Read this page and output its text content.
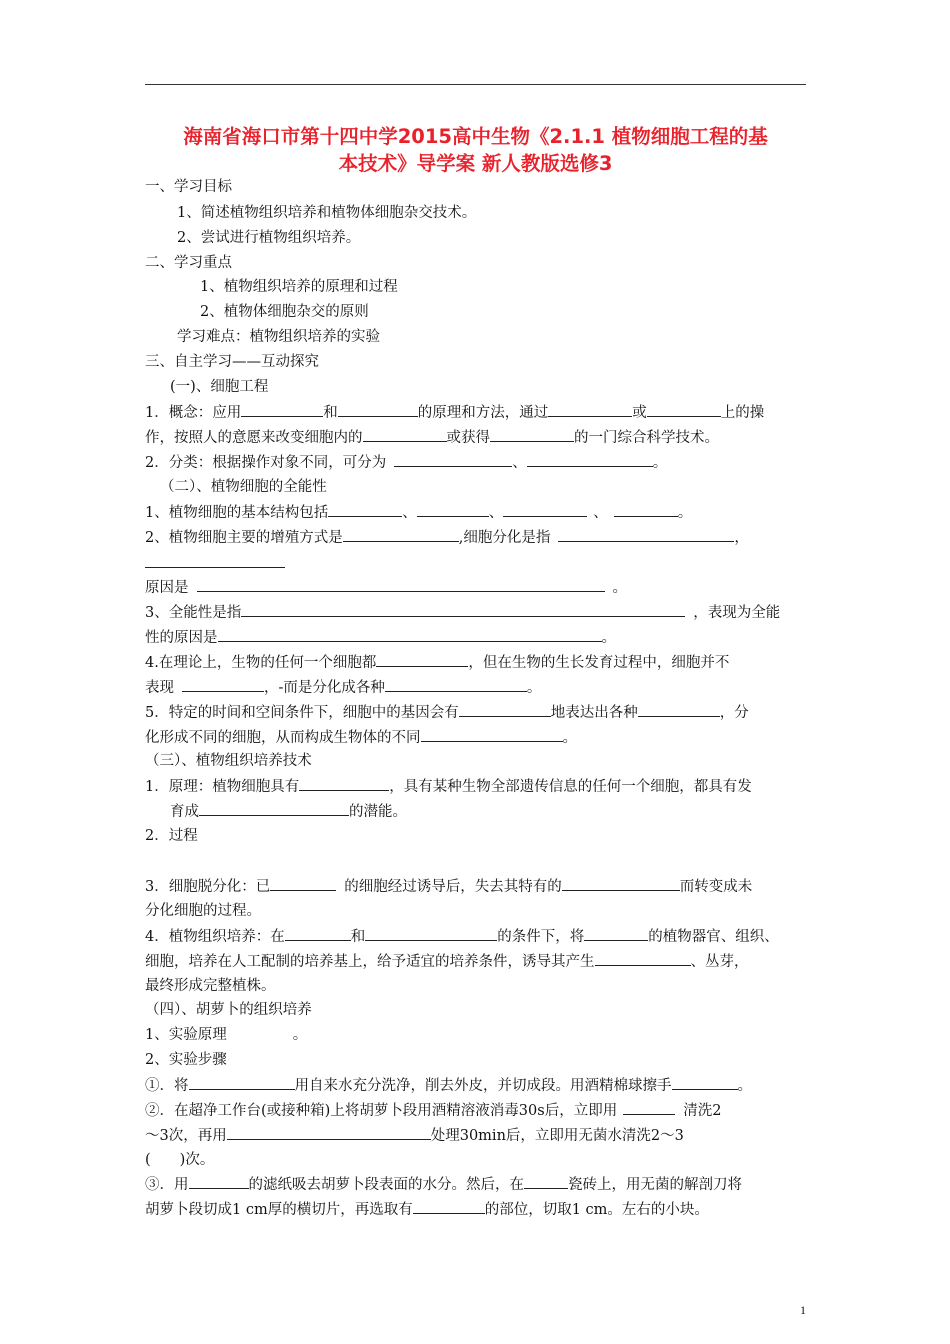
海南省海口市第十四中学2015高中生物《2.1.1 植物细胞工程的基
本技术》导学案 新人教版选修3
一、学习目标
1、简述植物组织培养和植物体细胞杂交技术。
2、尝试进行植物组织培养。
二、学习重点
1、植物组织培养的原理和过程
2、植物体细胞杂交的原则
学习难点：植物组织培养的实验
三、自主学习——互动探究
(一)、细胞工程
1．概念：应用	和	的原理和方法，通过	或	上的操
作，按照人的意愿来改变细胞内的	或获得	的一门综合科学技术。
2．分类：根据操作对象不同，可分为	、	。
（二）、植物细胞的全能性
1、植物细胞的基本结构包括	、	、	、	。
2、植物细胞主要的增殖方式是	,细胞分化是指	，
原因是	。
3、全能性是指	，表现为全能
性的原因是	。
4.在理论上，生物的任何一个细胞都	，但在生物的生长发育过程中，细胞并不
表现	，-而是分化成各种	。
5．特定的时间和空间条件下，细胞中的基因会有	地表达出各种	，分
化形成不同的细胞，从而构成生物体的不同	。
（三）、植物组织培养技术
1．原理：植物细胞具有	，具有某种生物全部遗传信息的任何一个细胞，都具有发
育成	的潜能。
2．过程
3．细胞脱分化：已	的细胞经过诱导后，失去其特有的	而转变成未
分化细胞的过程。
4．植物组织培养：在	和	的条件下，将	的植物器官、组织、
细胞，培养在人工配制的培养基上，给予适宜的培养条件，诱导其产生	、丛芽，
最终形成完整植株。
（四）、胡萝卜的组织培养
1、实验原理	。
2、实验步骤
①．将	用自来水充分洗净，削去外皮，并切成段。用酒精棉球擦手	。
②．在超净工作台(或接种箱)上将胡萝卜段用酒精溶液消毒30s后，立即用	清洗2
～3次，再用	处理30min后，立即用无菌水清洗2～3
(　　)次。
③．用	的滤纸吸去胡萝卜段表面的水分。然后，在	瓷砖上，用无菌的解剖刀将
胡萝卜段切成1 cm厚的横切片，再选取有	的部位，切取1 cm。左右的小块。
1
